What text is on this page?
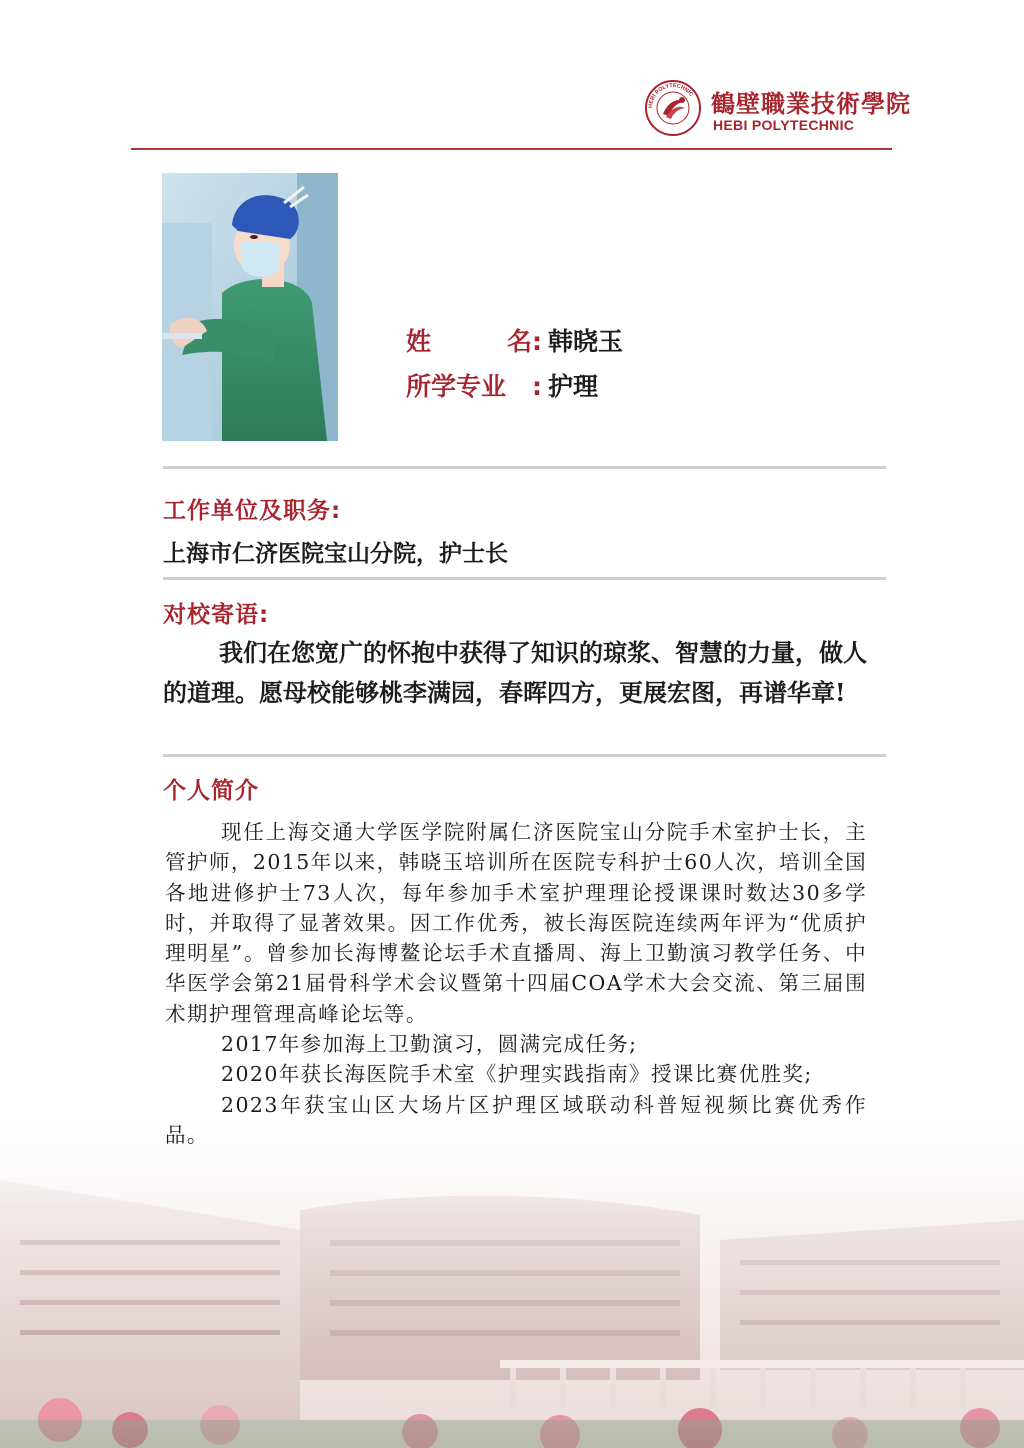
HEBI POLYTECHNIC 鶴壁職業技術學院
HEBI POLYTECHNIC
姓	名 : 韩晓玉
所学专业 : 护理
工作单位及职务:
上海市仁济医院宝山分院，护士长
对校寄语:
我们在您宽广的怀抱中获得了知识的琼浆、智慧的力量，做人的道理。愿母校能够桃李满园，春晖四方，更展宏图，再谱华章!
个人简介

现任上海交通大学医学院附属仁济医院宝山分院手术室护士长，主管护师，2015年以来，韩晓玉培训所在医院专科护士60人次，培训全国各地进修护士73人次，每年参加手术室护理理论授课课时数达30多学时，并取得了显著效果。因工作优秀，被长海医院连续两年评为“优质护理明星”。曾参加长海博鳌论坛手术直播周、海上卫勤演习教学任务、中华医学会第21届骨科学术会议暨第十四届COA学术大会交流、第三届围术期护理管理高峰论坛等。

2017年参加海上卫勤演习，圆满完成任务;

2020年获长海医院手术室《护理实践指南》授课比赛优胜奖;

2023年获宝山区大场片区护理区域联动科普短视频比赛优秀作品。
